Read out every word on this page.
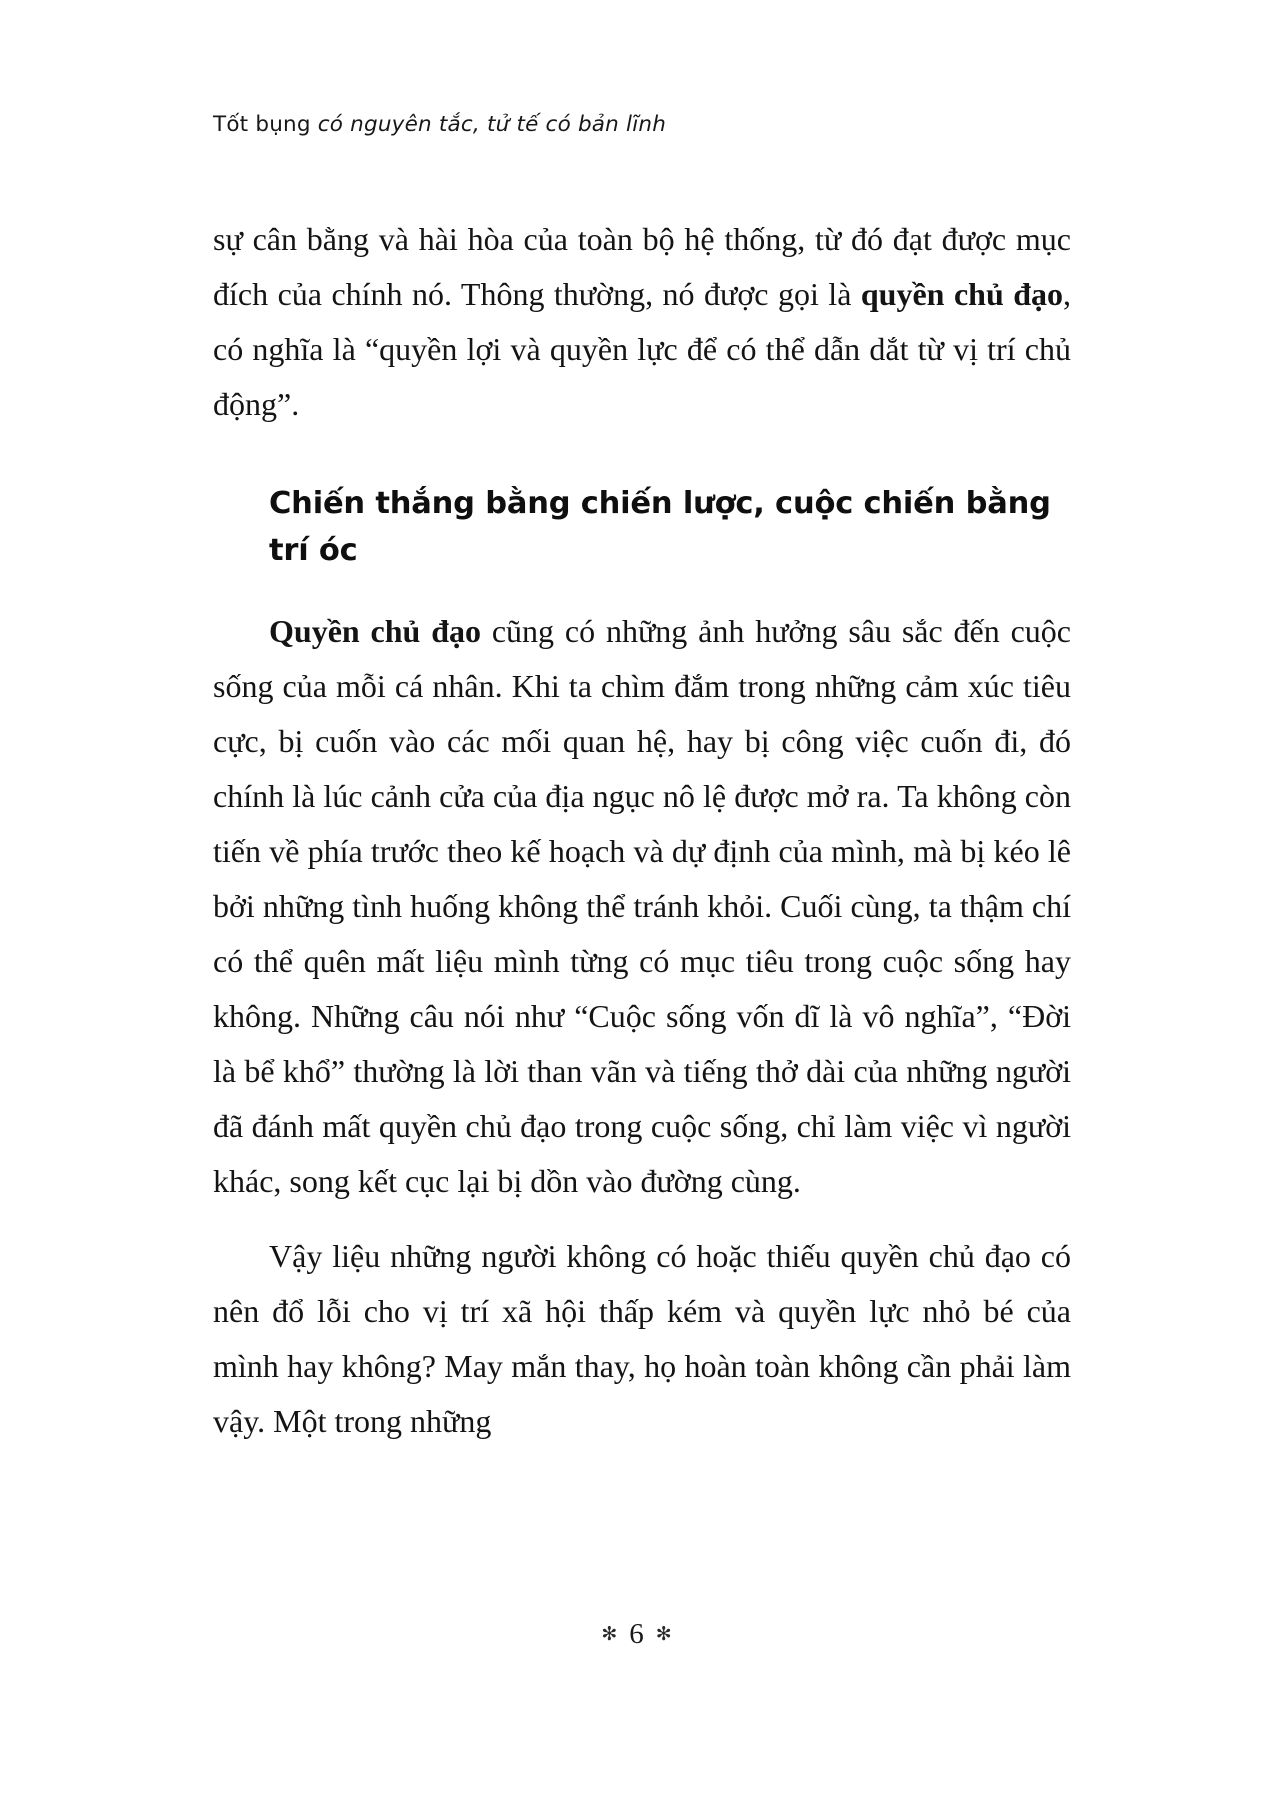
Tốt bụng có nguyên tắc, tử tế có bản lĩnh

sự cân bằng và hài hòa của toàn bộ hệ thống, từ đó đạt được mục đích của chính nó. Thông thường, nó được gọi là quyền chủ đạo, có nghĩa là “quyền lợi và quyền lực để có thể dẫn dắt từ vị trí chủ động”.

Chiến thắng bằng chiến lược, cuộc chiến bằng trí óc

Quyền chủ đạo cũng có những ảnh hưởng sâu sắc đến cuộc sống của mỗi cá nhân. Khi ta chìm đắm trong những cảm xúc tiêu cực, bị cuốn vào các mối quan hệ, hay bị công việc cuốn đi, đó chính là lúc cảnh cửa của địa ngục nô lệ được mở ra. Ta không còn tiến về phía trước theo kế hoạch và dự định của mình, mà bị kéo lê bởi những tình huống không thể tránh khỏi. Cuối cùng, ta thậm chí có thể quên mất liệu mình từng có mục tiêu trong cuộc sống hay không. Những câu nói như “Cuộc sống vốn dĩ là vô nghĩa”, “Đời là bể khổ” thường là lời than vãn và tiếng thở dài của những người đã đánh mất quyền chủ đạo trong cuộc sống, chỉ làm việc vì người khác, song kết cục lại bị dồn vào đường cùng.

Vậy liệu những người không có hoặc thiếu quyền chủ đạo có nên đổ lỗi cho vị trí xã hội thấp kém và quyền lực nhỏ bé của mình hay không? May mắn thay, họ hoàn toàn không cần phải làm vậy. Một trong những

✻ 6 ✻
